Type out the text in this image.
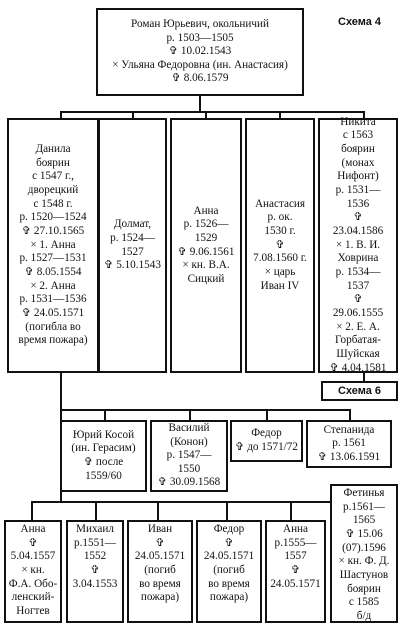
Схема 4
Схема 6
Роман Юрьевич, окольничий
р. 1503—1505
✞ 10.02.1543
× Ульяна Федоровна (ин. Анастасия)
✞ 8.06.1579
Данила
боярин
с 1547 г.,
дворецкий
с 1548 г.
р. 1520—1524
✞ 27.10.1565
× 1. Анна
р. 1527—1531
✞ 8.05.1554
× 2. Анна
р. 1531—1536
✞ 24.05.1571
(погибла во
время пожара)
Долмат,
р. 1524—
1527
✞ 5.10.1543
Анна
р. 1526—
1529
✞ 9.06.1561
× кн. В.А.
Сицкий
Анастасия
р. ок.
1530 г.
✞
7.08.1560 г.
× царь
Иван IV
Никита
с 1563
боярин
(монах
Нифонт)
р. 1531—
1536
✞
23.04.1586
× 1. В. И.
Ховрина
р. 1534—
1537
✞
29.06.1555
× 2. Е. А.
Горбатая-
Шуйская
✞ 4.04.1581
Юрий Косой
(ин. Герасим)
✞ после
1559/60
Василий
(Конон)
р. 1547—
1550
✞ 30.09.1568
Федор
✞ до 1571/72
Степанида
р. 1561
✞ 13.06.1591
Анна
✞
5.04.1557
× кн.
Ф.А. Обо-
ленский-
Ногтев
Михаил
р.1551—
1552
✞
3.04.1553
Иван
✞
24.05.1571
(погиб
во время
пожара)
Федор
✞
24.05.1571
(погиб
во время
пожара)
Анна
р.1555—
1557
✞
24.05.1571
Фетинья
р.1561—
1565
✞ 15.06
(07).1596
× кн. Ф. Д.
Шастунов
боярин
с 1585
б/д
